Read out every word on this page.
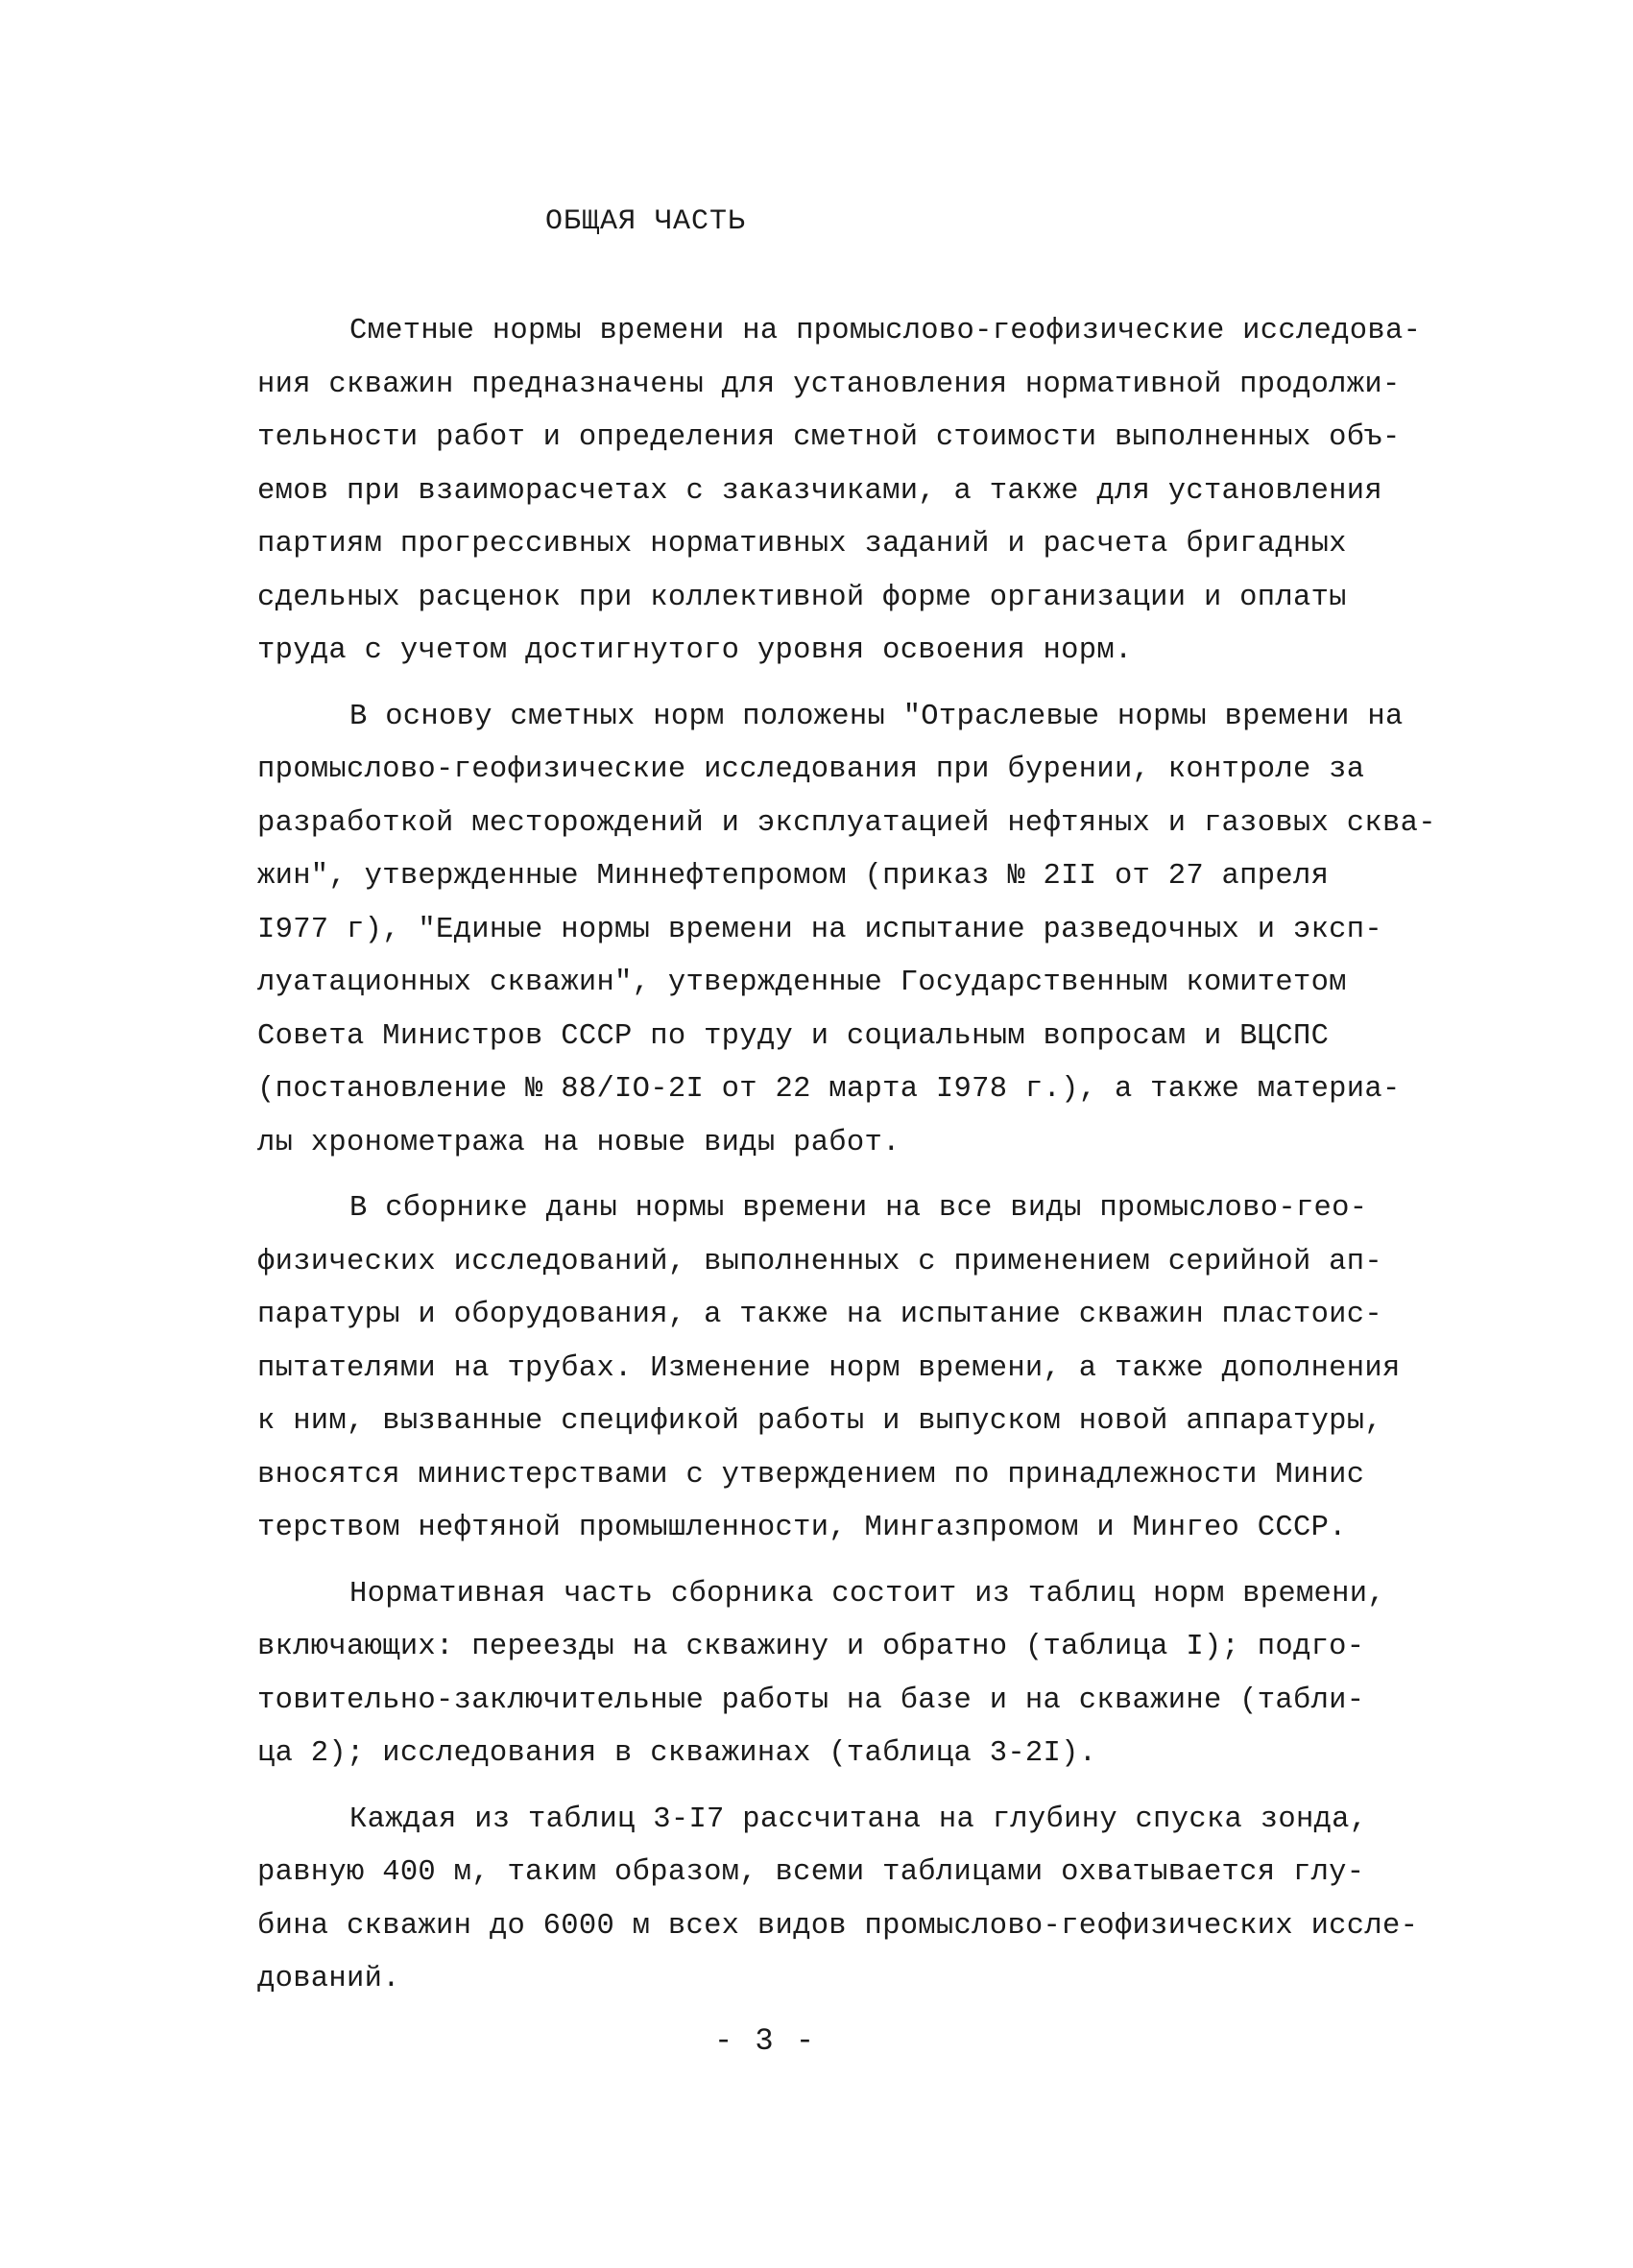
ОБЩАЯ ЧАСТЬ
Сметные нормы времени на промыслово-геофизические исследова-
ния скважин предназначены для установления нормативной продолжи-
тельности работ и определения сметной стоимости выполненных объ-
емов при взаиморасчетах с заказчиками, а также для установления
партиям прогрессивных нормативных заданий и расчета бригадных
сдельных расценок при коллективной форме организации и оплаты
труда с учетом достигнутого уровня освоения норм.
В основу сметных норм положены "Отраслевые нормы времени на
промыслово-геофизические исследования при бурении, контроле за
разработкой месторождений и эксплуатацией нефтяных и газовых сква-
жин", утвержденные Миннефтепромом (приказ № 2II от 27 апреля
I977 г), "Единые нормы времени на испытание разведочных и эксп-
луатационных скважин", утвержденные Государственным комитетом
Совета Министров СССР по труду и социальным вопросам и ВЦСПС
(постановление № 88/IO-2I от 22 марта I978 г.), а также материа-
лы хронометража на новые виды работ.
В сборнике даны нормы времени на все виды промыслово-гео-
физических исследований, выполненных с применением серийной ап-
паратуры и оборудования, а также на испытание скважин пластоис-
пытателями на трубах. Изменение норм времени, а также дополнения
к ним, вызванные спецификой работы и выпуском новой аппаратуры,
вносятся министерствами с утверждением по принадлежности Минис
терством нефтяной промышленности, Мингазпромом и Мингео СССР.
Нормативная часть сборника состоит из таблиц норм времени,
включающих: переезды на скважину и обратно (таблица I); подго-
товительно-заключительные работы на базе и на скважине (табли-
ца 2); исследования в скважинах (таблица 3-2I).
Каждая из таблиц 3-I7 рассчитана на глубину спуска зонда,
равную 400 м, таким образом, всеми таблицами охватывается глу-
бина скважин до 6000 м всех видов промыслово-геофизических иссле-
дований.
- 3 -
